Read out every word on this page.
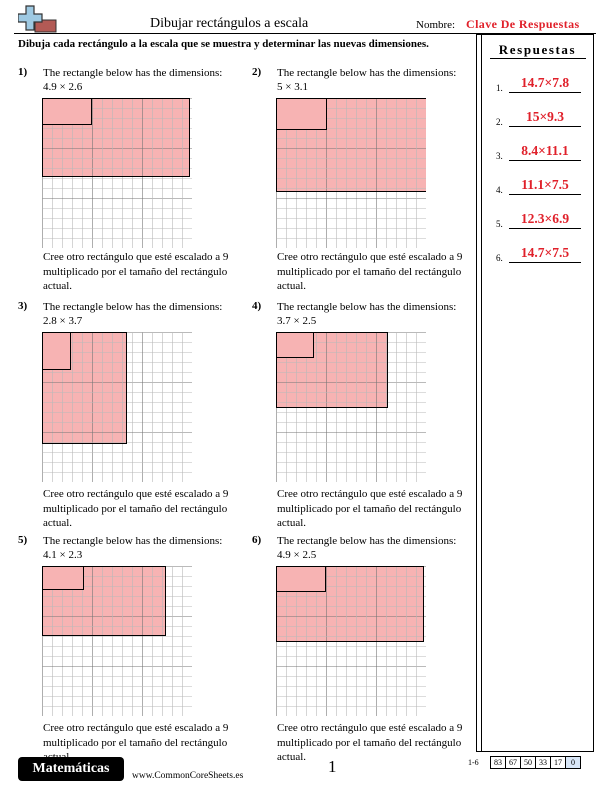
Dibujar rectángulos a escala	Nombre: Clave De Respuestas
Dibuja cada rectángulo a la escala que se muestra y determinar las nuevas dimensiones.	Respuestas
1.	14.7×7.8
2.	15×9.3
3.	8.4×11.1
4.	11.1×7.5
5.	12.3×6.9
6.	14.7×7.5
1) The rectangle below has the dimensions:
4.9 × 2.6
Cree otro rectángulo que esté escalado a 9 multiplicado por el tamaño del rectángulo actual.
2) The rectangle below has the dimensions:
5 × 3.1
Cree otro rectángulo que esté escalado a 9 multiplicado por el tamaño del rectángulo actual.
3) The rectangle below has the dimensions:
2.8 × 3.7
Cree otro rectángulo que esté escalado a 9 multiplicado por el tamaño del rectángulo actual.
4) The rectangle below has the dimensions:
3.7 × 2.5
Cree otro rectángulo que esté escalado a 9 multiplicado por el tamaño del rectángulo actual.
5) The rectangle below has the dimensions:
4.1 × 2.3
Cree otro rectángulo que esté escalado a 9 multiplicado por el tamaño del rectángulo
6) The rectangle below has the dimensions:
4.9 × 2.5
Cree otro rectángulo que esté escalado a 9 multiplicado por el tamaño del rectángulo actual.
Matemáticas	www.CommonCoreSheets.es	1	1-6 83	67	50	33	17	0
